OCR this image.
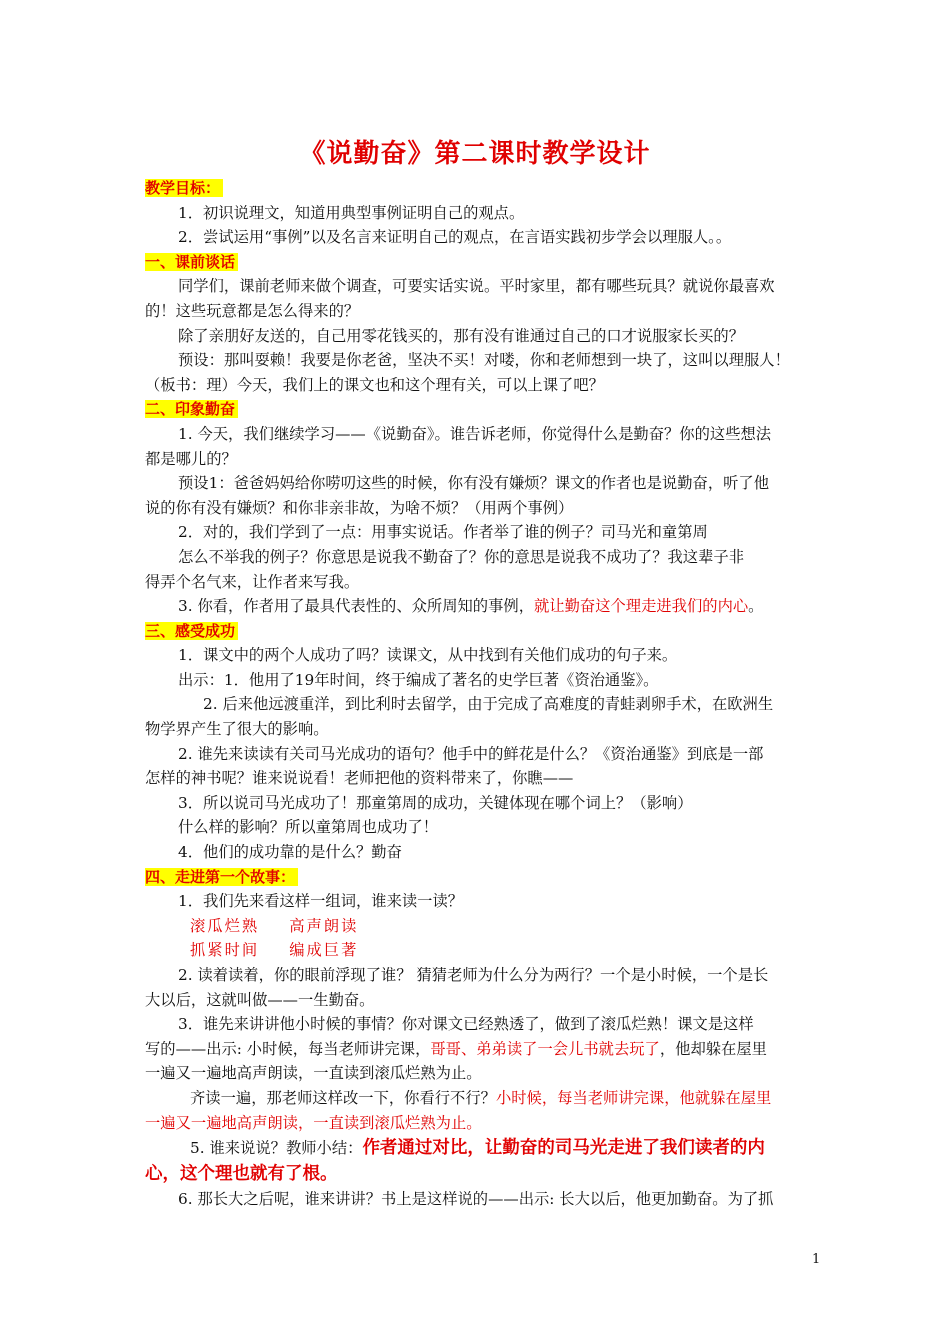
《说勤奋》第二课时教学设计
教学目标：
1．初识说理文，知道用典型事例证明自己的观点。
2．尝试运用“事例”以及名言来证明自己的观点，在言语实践初步学会以理服人。。
一、课前谈话
同学们，课前老师来做个调查，可要实话实说。平时家里，都有哪些玩具？就说你最喜欢
的！这些玩意都是怎么得来的？
除了亲朋好友送的，自己用零花钱买的，那有没有谁通过自己的口才说服家长买的？
预设：那叫耍赖！我要是你老爸，坚决不买！对喽，你和老师想到一块了，这叫以理服人！
（板书：理）今天，我们上的课文也和这个理有关，可以上课了吧？
二、印象勤奋
1. 今天，我们继续学习——《说勤奋》。谁告诉老师，你觉得什么是勤奋？你的这些想法
都是哪儿的？
预设1：爸爸妈妈给你唠叨这些的时候，你有没有嫌烦？课文的作者也是说勤奋，听了他
说的你有没有嫌烦？和你非亲非故，为啥不烦？（用两个事例）
2．对的，我们学到了一点：用事实说话。作者举了谁的例子？司马光和童第周
怎么不举我的例子？你意思是说我不勤奋了？你的意思是说我不成功了？我这辈子非
得弄个名气来，让作者来写我。
3. 你看，作者用了最具代表性的、众所周知的事例，就让勤奋这个理走进我们的内心。
三、感受成功
1．课文中的两个人成功了吗？读课文，从中找到有关他们成功的句子来。
出示：1．他用了19年时间，终于编成了著名的史学巨著《资治通鉴》。
2. 后来他远渡重洋，到比利时去留学，由于完成了高难度的青蛙剥卵手术，在欧洲生
物学界产生了很大的影响。
2. 谁先来读读有关司马光成功的语句？他手中的鲜花是什么？《资治通鉴》到底是一部
怎样的神书呢？谁来说说看！老师把他的资料带来了，你瞧——
3．所以说司马光成功了！那童第周的成功，关键体现在哪个词上？（影响）
什么样的影响？所以童第周也成功了！
4．他们的成功靠的是什么？勤奋
四、走进第一个故事：
1．我们先来看这样一组词，谁来读一读？
滚瓜烂熟 高声朗读
抓紧时间 编成巨著
2. 读着读着，你的眼前浮现了谁？ 猜猜老师为什么分为两行？一个是小时候，一个是长
大以后，这就叫做——一生勤奋。
3．谁先来讲讲他小时候的事情？你对课文已经熟透了，做到了滚瓜烂熟！课文是这样
写的——出示: 小时候，每当老师讲完课，哥哥、弟弟读了一会儿书就去玩了，他却躲在屋里
一遍又一遍地高声朗读，一直读到滚瓜烂熟为止。
齐读一遍，那老师这样改一下，你看行不行？小时候，每当老师讲完课，他就躲在屋里
一遍又一遍地高声朗读，一直读到滚瓜烂熟为止。
5. 谁来说说？教师小结：作者通过对比，让勤奋的司马光走进了我们读者的内
心，这个理也就有了根。
6. 那长大之后呢，谁来讲讲？书上是这样说的——出示: 长大以后，他更加勤奋。为了抓
1
